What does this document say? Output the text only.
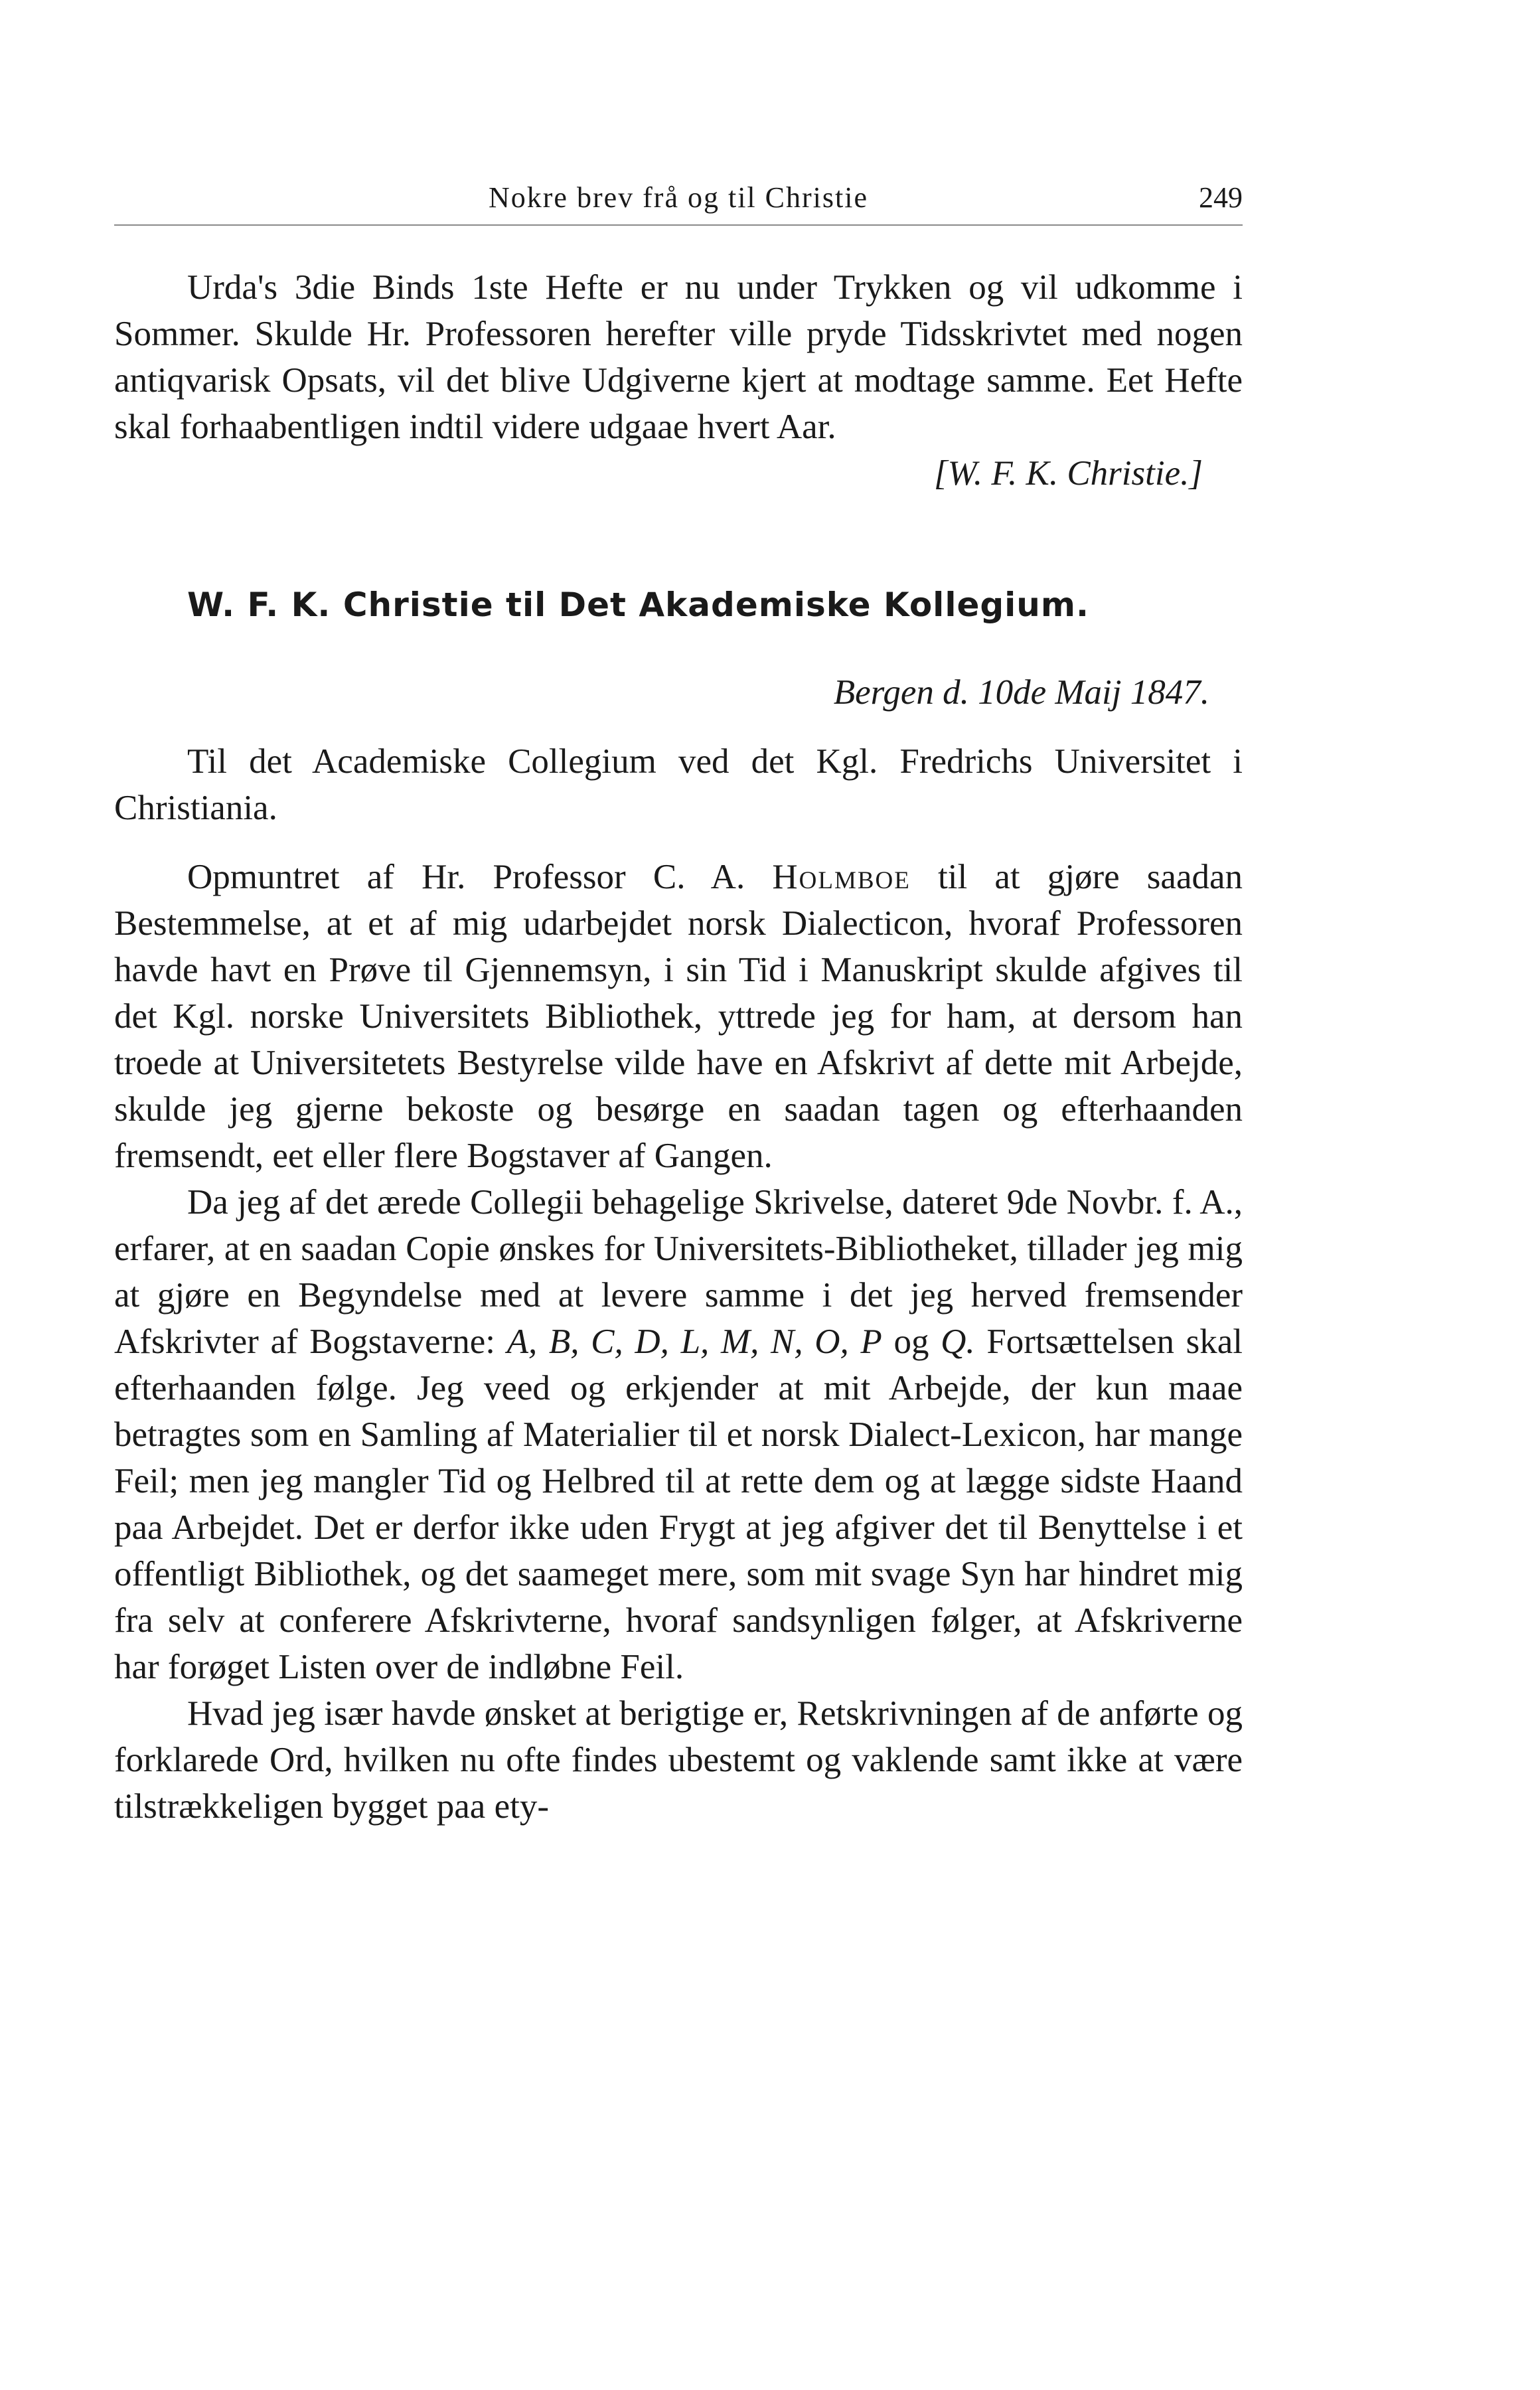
Nokre brev frå og til Christie	249

Urda's 3die Binds 1ste Hefte er nu under Trykken og vil udkomme i Sommer. Skulde Hr. Professoren herefter ville pryde Tidsskrivtet med nogen antiqvarisk Opsats, vil det blive Udgiverne kjert at modtage samme. Eet Hefte skal forhaabentligen indtil videre udgaae hvert Aar.

[W. F. K. Christie.]

W. F. K. Christie til Det Akademiske Kollegium.

Bergen d. 10de Maij 1847.

Til det Academiske Collegium ved det Kgl. Fredrichs Universitet i Christiania.

Opmuntret af Hr. Professor C. A. Holmboe til at gjøre saadan Bestemmelse, at et af mig udarbejdet norsk Dialecticon, hvoraf Professoren havde havt en Prøve til Gjennemsyn, i sin Tid i Manuskript skulde afgives til det Kgl. norske Universitets Bibliothek, yttrede jeg for ham, at dersom han troede at Universitetets Bestyrelse vilde have en Afskrivt af dette mit Arbejde, skulde jeg gjerne bekoste og besørge en saadan tagen og efterhaanden fremsendt, eet eller flere Bogstaver af Gangen.

Da jeg af det ærede Collegii behagelige Skrivelse, dateret 9de Novbr. f. A., erfarer, at en saadan Copie ønskes for Universitets-Bibliotheket, tillader jeg mig at gjøre en Begyndelse med at levere samme i det jeg herved fremsender Afskrivter af Bogstaverne: A, B, C, D, L, M, N, O, P og Q. Fortsættelsen skal efterhaanden følge. Jeg veed og erkjender at mit Arbejde, der kun maae betragtes som en Samling af Materialier til et norsk Dialect-Lexicon, har mange Feil; men jeg mangler Tid og Helbred til at rette dem og at lægge sidste Haand paa Arbejdet. Det er derfor ikke uden Frygt at jeg afgiver det til Benyttelse i et offentligt Bibliothek, og det saameget mere, som mit svage Syn har hindret mig fra selv at conferere Afskrivterne, hvoraf sandsynligen følger, at Afskriverne har forøget Listen over de indløbne Feil.

Hvad jeg især havde ønsket at berigtige er, Retskrivningen af de anførte og forklarede Ord, hvilken nu ofte findes ubestemt og vaklende samt ikke at være tilstrækkeligen bygget paa ety-
